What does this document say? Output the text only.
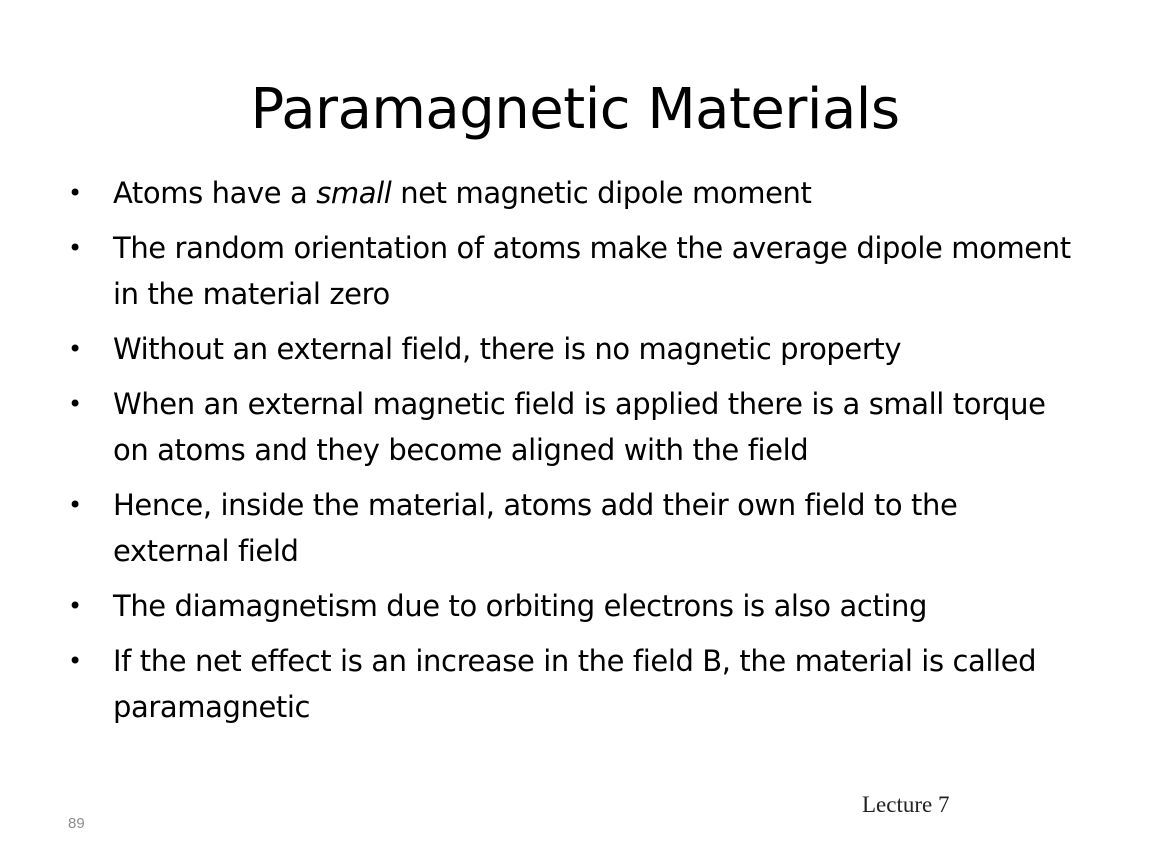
Paramagnetic Materials
• Atoms have a small net magnetic dipole moment
• The random orientation of atoms make the average dipole moment in the material zero
• Without an external field, there is no magnetic property
• When an external magnetic field is applied there is a small torque on atoms and they become aligned with the field
• Hence, inside the material, atoms add their own field to the external field
• The diamagnetism due to orbiting electrons is also acting
• If the net effect is an increase in the field B, the material is called paramagnetic
Lecture 7
89
